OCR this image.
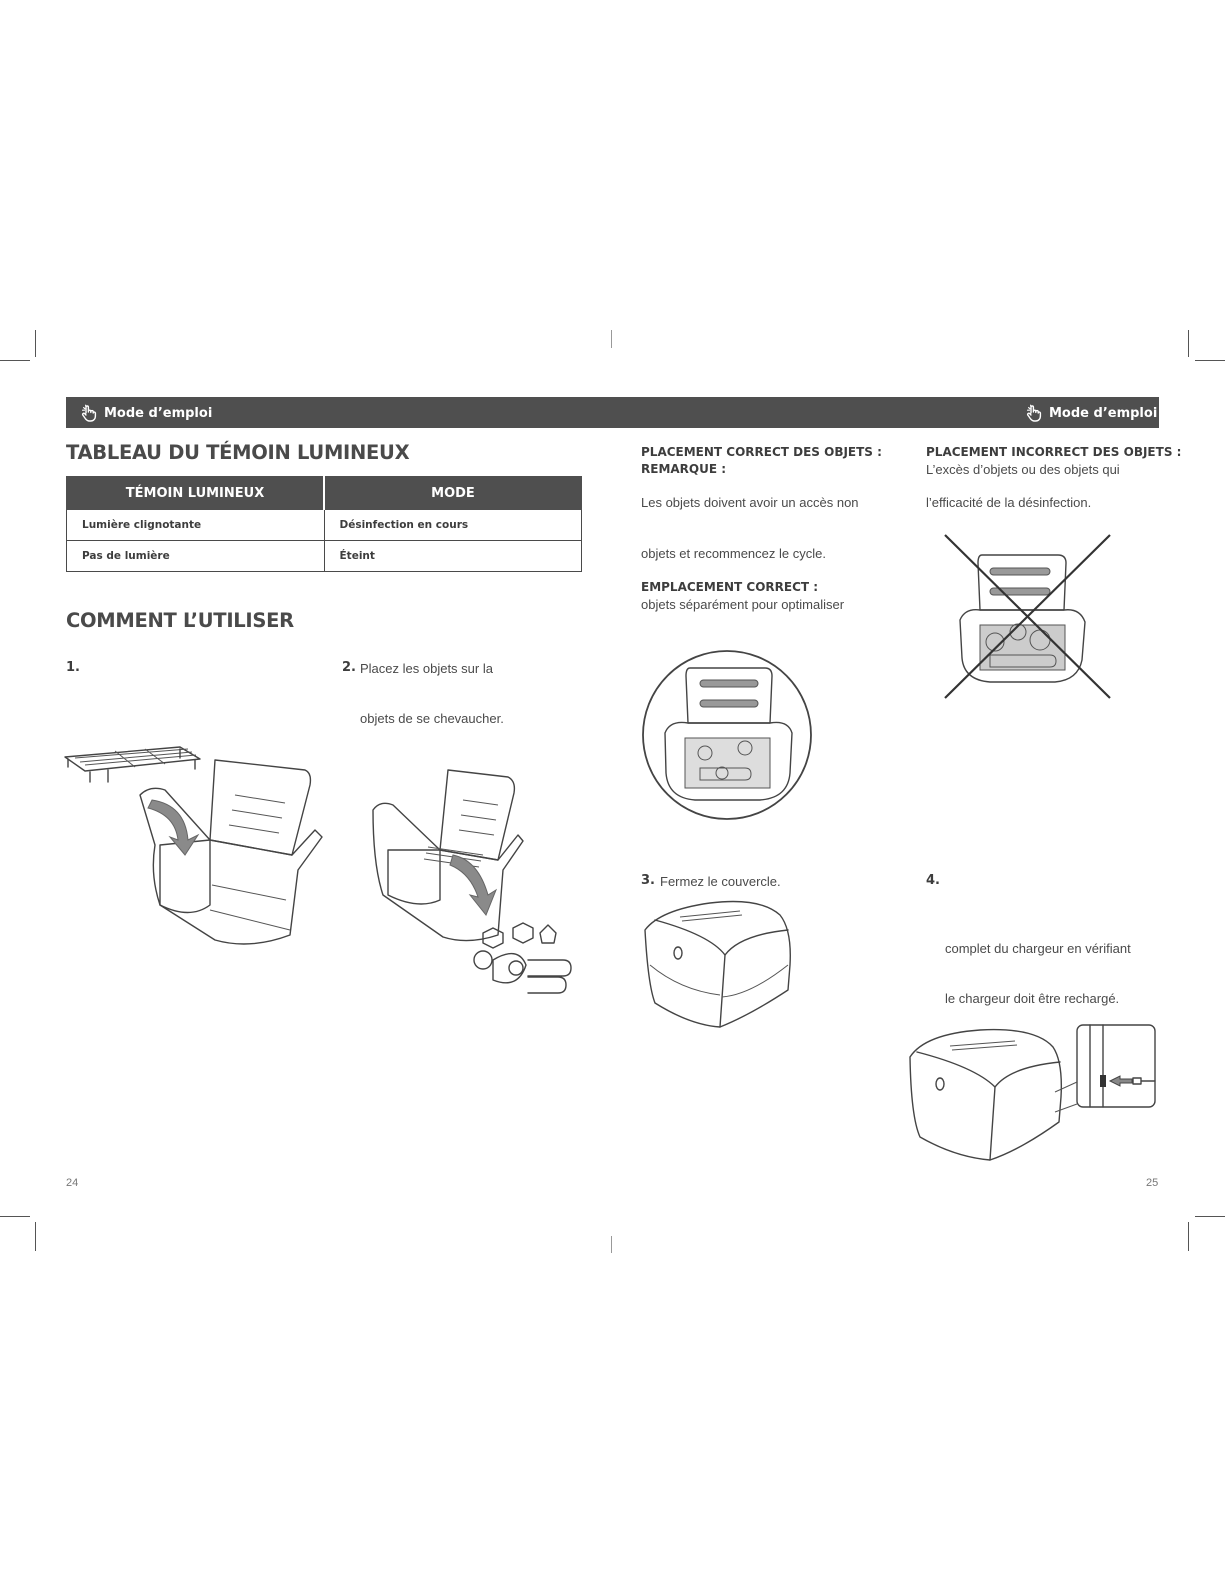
Mode d’emploi	Mode d’emploi
TABLEAU DU TÉMOIN LUMINEUX
TÉMOIN LUMINEUX	MODE
Lumière clignotante	Désinfection en cours
Pas de lumière	Éteint
COMMENT L’UTILISER
1.	2. Placez les objets sur la
objets de se chevaucher.
24
PLACEMENT CORRECT DES OBJETS :
REMARQUE :
Les objets doivent avoir un accès non
objets et recommencez le cycle.
EMPLACEMENT CORRECT :
objets séparément pour optimaliser
PLACEMENT INCORRECT DES OBJETS :
L’excès d’objets ou des objets qui
l’efficacité de la désinfection.
3. Fermez le couvercle.	4.
complet du chargeur en vérifiant
le chargeur doit être rechargé.
25
